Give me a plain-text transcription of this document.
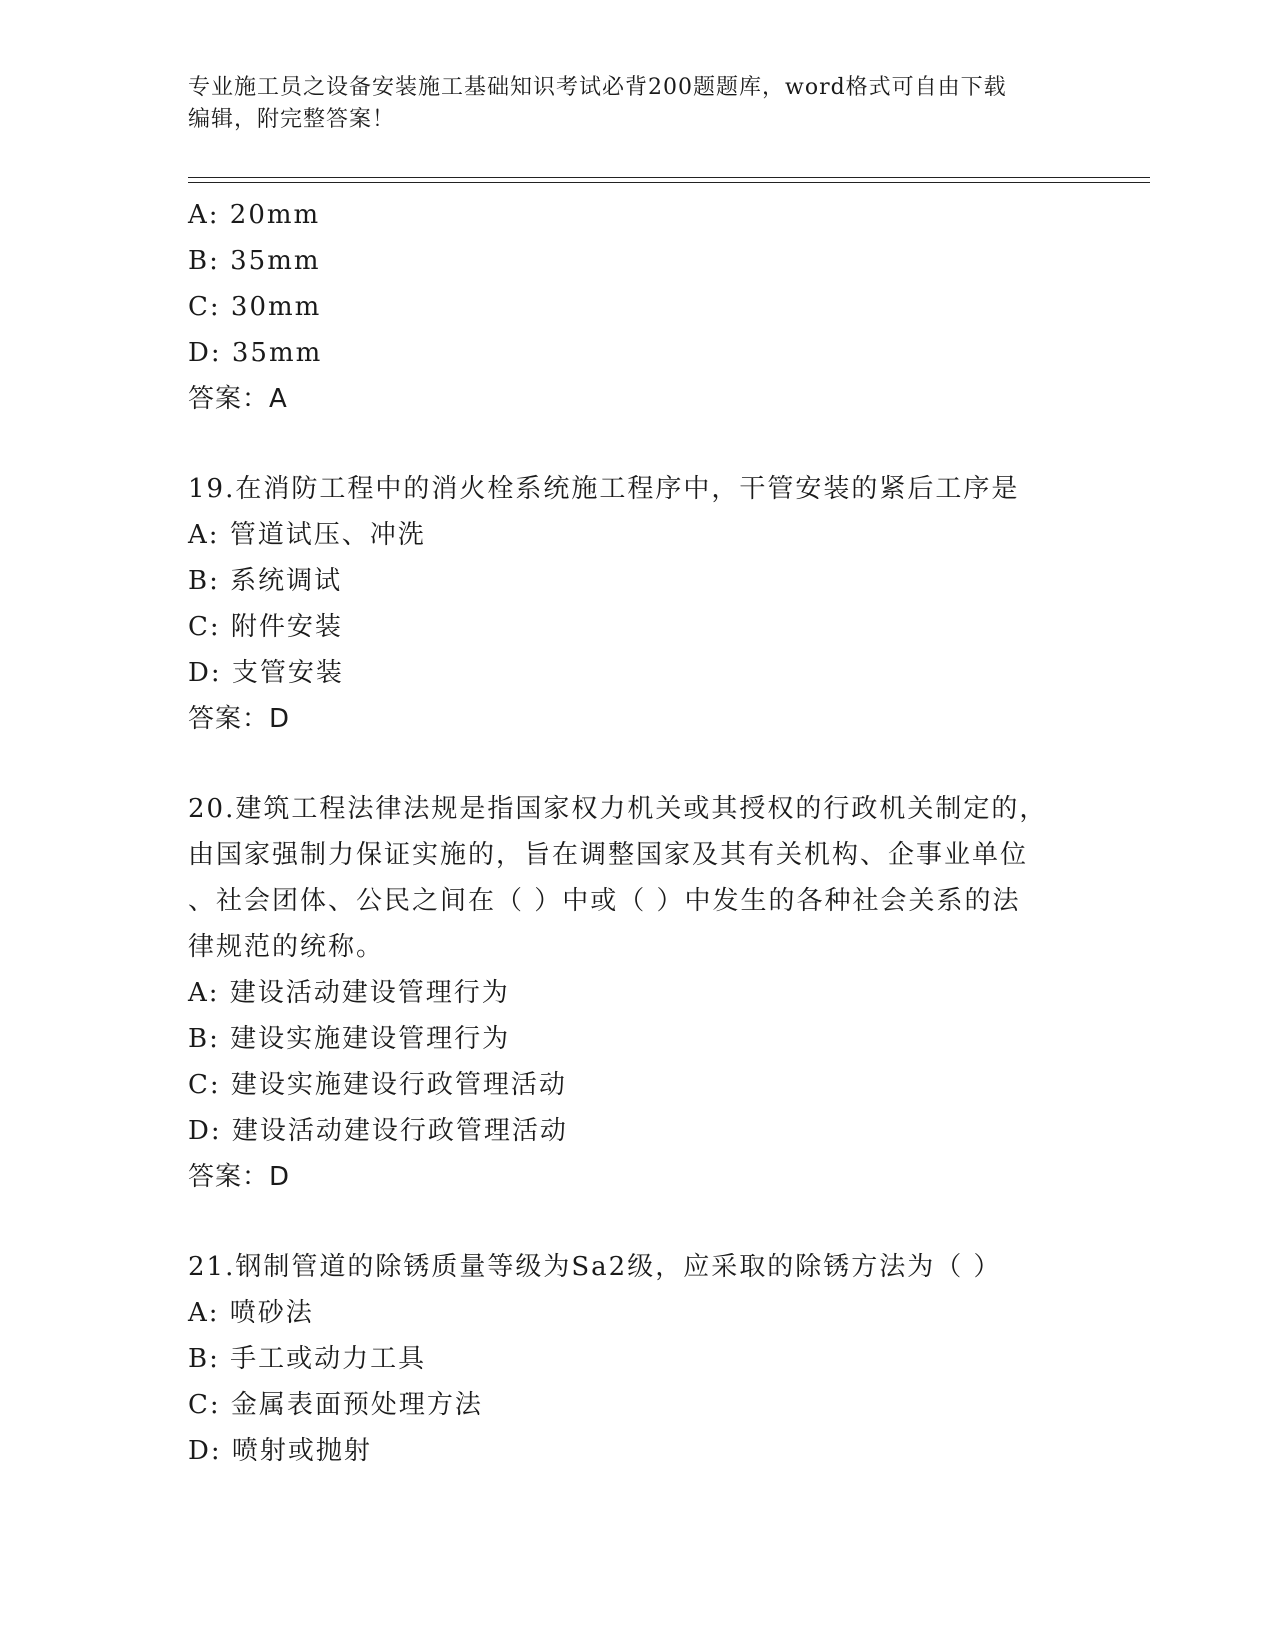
专业施工员之设备安装施工基础知识考试必背200题题库，word格式可自由下载
编辑，附完整答案！
A: 20mm
B: 35mm
C: 30mm
D: 35mm
答案：A
19.在消防工程中的消火栓系统施工程序中，干管安装的紧后工序是
A: 管道试压、冲洗
B: 系统调试
C: 附件安装
D: 支管安装
答案：D
20.建筑工程法律法规是指国家权力机关或其授权的行政机关制定的，
由国家强制力保证实施的，旨在调整国家及其有关机构、企事业单位
、社会团体、公民之间在（ ）中或（ ）中发生的各种社会关系的法
律规范的统称。
A: 建设活动建设管理行为
B: 建设实施建设管理行为
C: 建设实施建设行政管理活动
D: 建设活动建设行政管理活动
答案：D
21.钢制管道的除锈质量等级为Sa2级，应采取的除锈方法为（ ）
A: 喷砂法
B: 手工或动力工具
C: 金属表面预处理方法
D: 喷射或抛射
